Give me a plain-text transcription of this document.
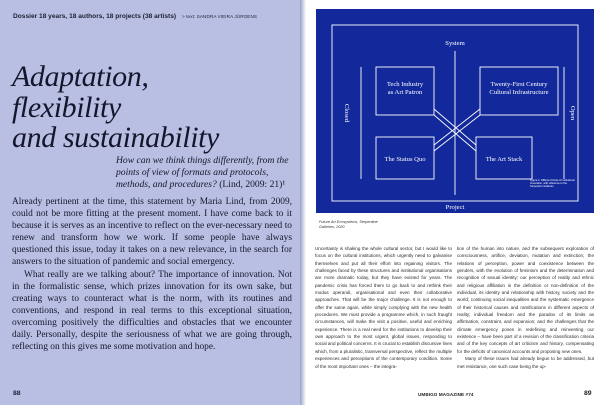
Dossier 18 years, 18 authors, 18 projects (38 artists)	> text: SANDRA VIEIRA JÜRGENS
Adaptation,
flexibility
and sustainability
How can we think things differently, from the points of view of formats and protocols, methods, and procedures? (Lind, 2009: 21)¹

Already pertinent at the time, this statement by Maria Lind, from 2009, could not be more fitting at the present moment. I have come back to it because it is serves as an incentive to reflect on the ever-necessary need to renew and transform how we work. If some people have always questioned this issue, today it takes on a new relevance, in the search for answers to the situation of pandemic and social emergency.

What really are we talking about? The importance of innovation. Not in the formalistic sense, which prizes innovation for its own sake, but creating ways to counteract what is the norm, with its routines and conventions, and respond in real terms to this exceptional situation, overcoming positively the difficulties and obstacles that we encounter daily. Personally, despite the seriousness of what we are going through, reflecting on this gives me some motivation and hope.

88
System
Project
Closed	Open
Tech Industry
as Art Patron
Twenty-First Century
Cultural Infrastructure
The Status Quo	The Art Stack
Figure 1: Different Kinds of Institutional Innovation, with reference to the Serpentine Galleries
Future Art Ecosystems, Serpentine Galleries, 2020

Uncertainty is shaking the whole cultural sector, but I would like to focus on the cultural institutions, which urgently need to galvanise themselves and put all their effort into regaining visitors. The challenges faced by these structures and institutional organisations are more dramatic today, but they have existed for years. The pandemic crisis has forced them to go back to and rethink their modus operandi, organisational and even their collaborative approaches. That will be the major challenge. It is not enough to offer the same again, while simply complying with the new health procedures. We must provide a programme which, in such fraught circumstances, will make the visit a positive, useful and enriching experience. There is a real need for the institutions to develop their own approach to the most urgent, global issues, responding to social and political concerns. It is crucial to establish discursive lines which, from a pluralistic, transversal perspective, reflect the multiple experiences and perceptions of the contemporary condition. Some of the most important ones – the integra-

tion of the human into nature, and the subsequent exploration of consciousness, artifice, deviation, mutation and extinction; the relations of perception, power and coexistence between the genders, with the evolution of feminism and the determination and recognition of sexual identity; our perception of reality and ethnic and religious affiliation in the definition or non-definition of the individual, its identity and relationship with history, society and the world; continuing social inequalities and the systematic emergence of their historical causes and ramifications in different aspects of reality; individual freedom and the paradox of its limits as affirmation, constraint, and expansion; and the challenges that the climate emergency poses in redefining and reinventing our existence – have been part of a revision of the classification criteria and of the key concepts of art criticism and history, compensating for the deficits of canonical accounts and proposing new ones.

Many of these issues had already begun to be addressed, but met resistance, one such case being the up-

UMBIGO MAGAZINE #74	89
